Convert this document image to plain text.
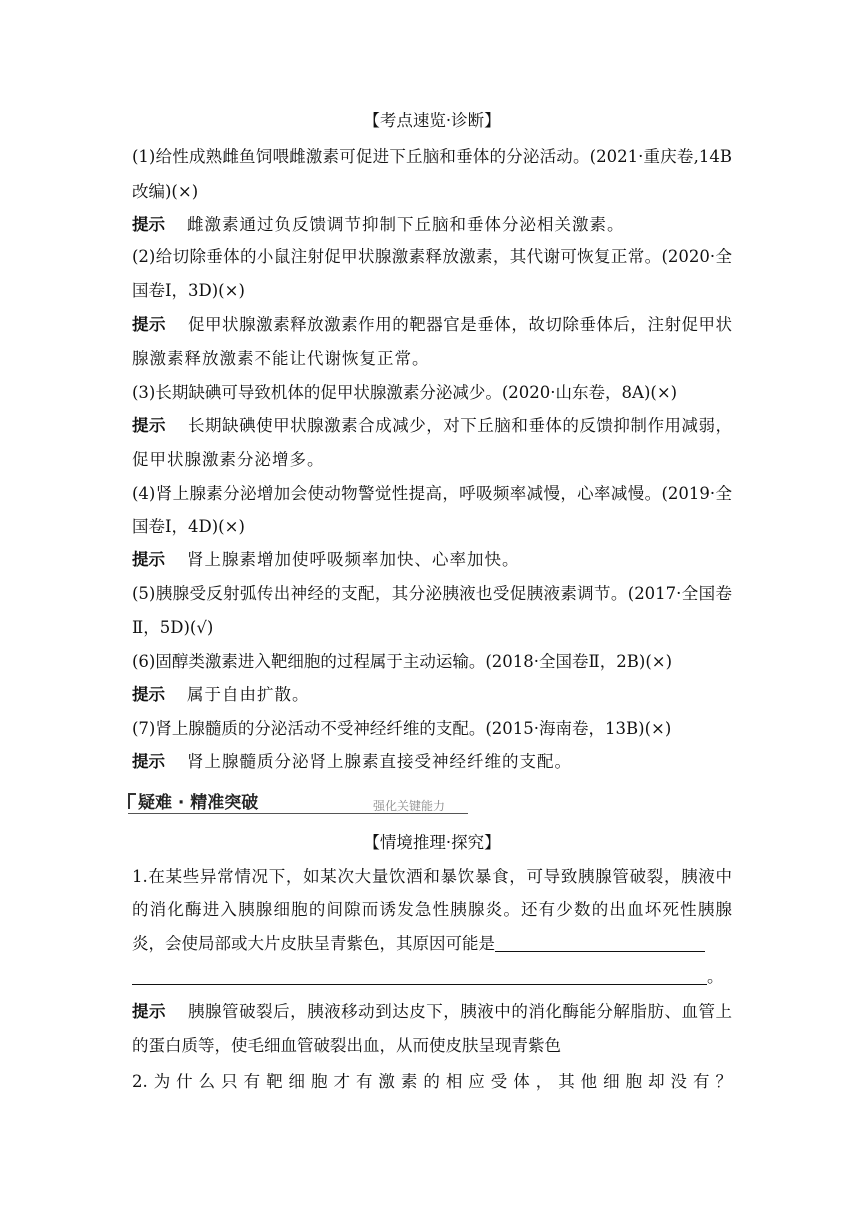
【考点速览·诊断】
(1)给性成熟雌鱼饲喂雌激素可促进下丘脑和垂体的分泌活动。(2021·重庆卷,14B
改编)(×)
提示 雌激素通过负反馈调节抑制下丘脑和垂体分泌相关激素。
(2)给切除垂体的小鼠注射促甲状腺激素释放激素，其代谢可恢复正常。(2020·全
国卷Ⅰ，3D)(×)
提示 促甲状腺激素释放激素作用的靶器官是垂体，故切除垂体后，注射促甲状
腺激素释放激素不能让代谢恢复正常。
(3)长期缺碘可导致机体的促甲状腺激素分泌减少。(2020·山东卷，8A)(×)
提示 长期缺碘使甲状腺激素合成减少，对下丘脑和垂体的反馈抑制作用减弱，
促甲状腺激素分泌增多。
(4)肾上腺素分泌增加会使动物警觉性提高，呼吸频率减慢，心率减慢。(2019·全
国卷Ⅰ，4D)(×)
提示 肾上腺素增加使呼吸频率加快、心率加快。
(5)胰腺受反射弧传出神经的支配，其分泌胰液也受促胰液素调节。(2017·全国卷
Ⅱ，5D)(√)
(6)固醇类激素进入靶细胞的过程属于主动运输。(2018·全国卷Ⅱ，2B)(×)
提示 属于自由扩散。
(7)肾上腺髓质的分泌活动不受神经纤维的支配。(2015·海南卷，13B)(×)
提示 肾上腺髓质分泌肾上腺素直接受神经纤维的支配。
【情境推理·探究】
1.在某些异常情况下，如某次大量饮酒和暴饮暴食，可导致胰腺管破裂，胰液中
的消化酶进入胰腺细胞的间隙而诱发急性胰腺炎。还有少数的出血坏死性胰腺
炎，会使局部或大片皮肤呈青紫色，其原因可能是
。
提示 胰腺管破裂后，胰液移动到达皮下，胰液中的消化酶能分解脂肪、血管上
的蛋白质等，使毛细血管破裂出血，从而使皮肤呈现青紫色
2.为什么只有靶细胞才有激素的相应受体，其他细胞却没有？
疑难 · 精准突破	强化关键能力
